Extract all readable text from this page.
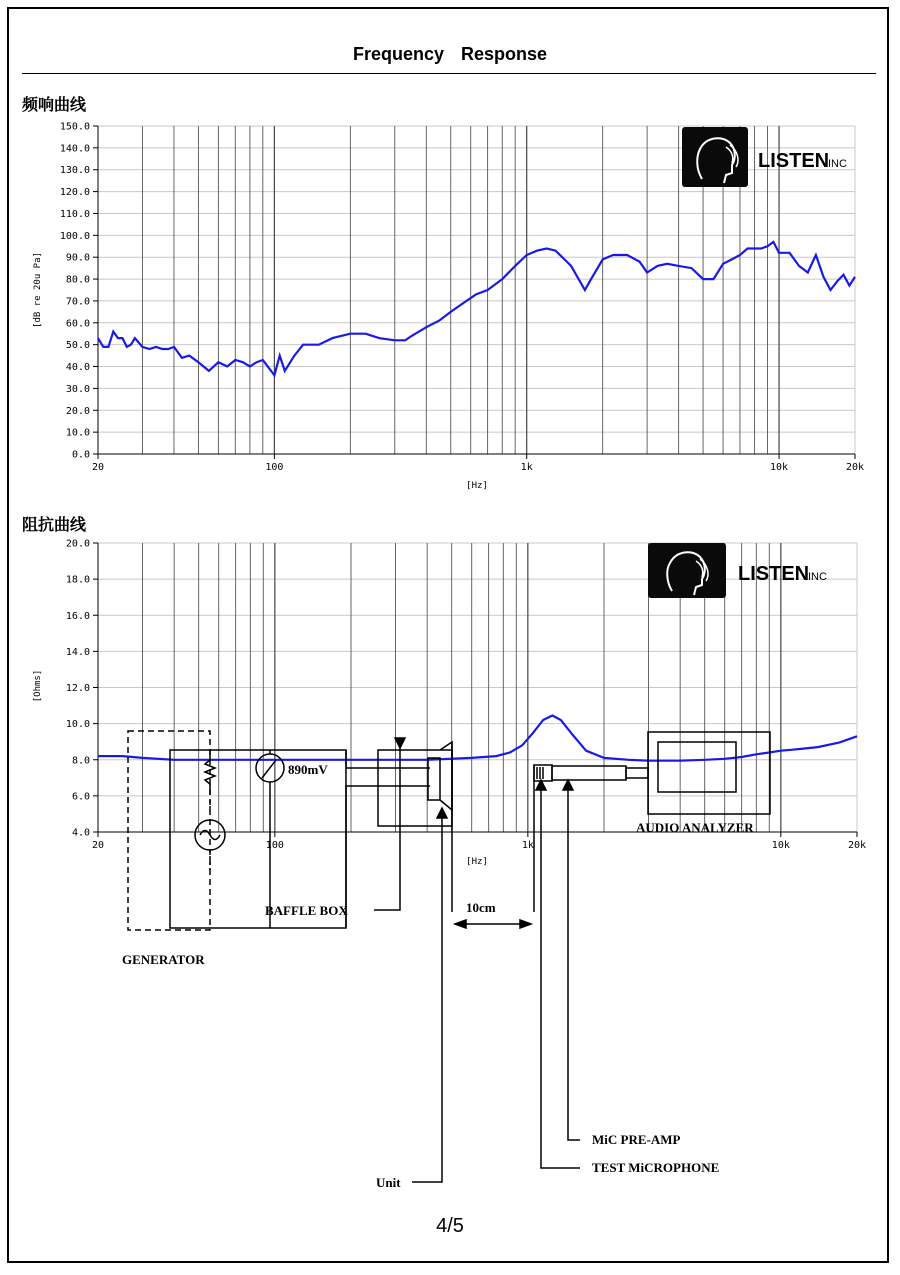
Frequency Response
频响曲线
阻抗曲线
0.0
10.0
20.0
30.0
40.0
50.0
60.0
70.0
80.0
90.0
100.0
110.0
120.0
130.0
140.0
150.0
20	100	1k	10k	20k
[Hz]
[dB re 20u Pa]
LISTEN
INC
4.0
6.0
8.0
10.0
12.0
14.0
16.0
18.0
20.0
20	100	1k	10k	20k
[Hz]
[Ohms]
LISTEN
INC
BAFFLE BOX	10cm
GENERATOR
890mV
AUDIO ANALYZER
MiC PRE-AMP
TEST MiCROPHONE
Unit
4/5
